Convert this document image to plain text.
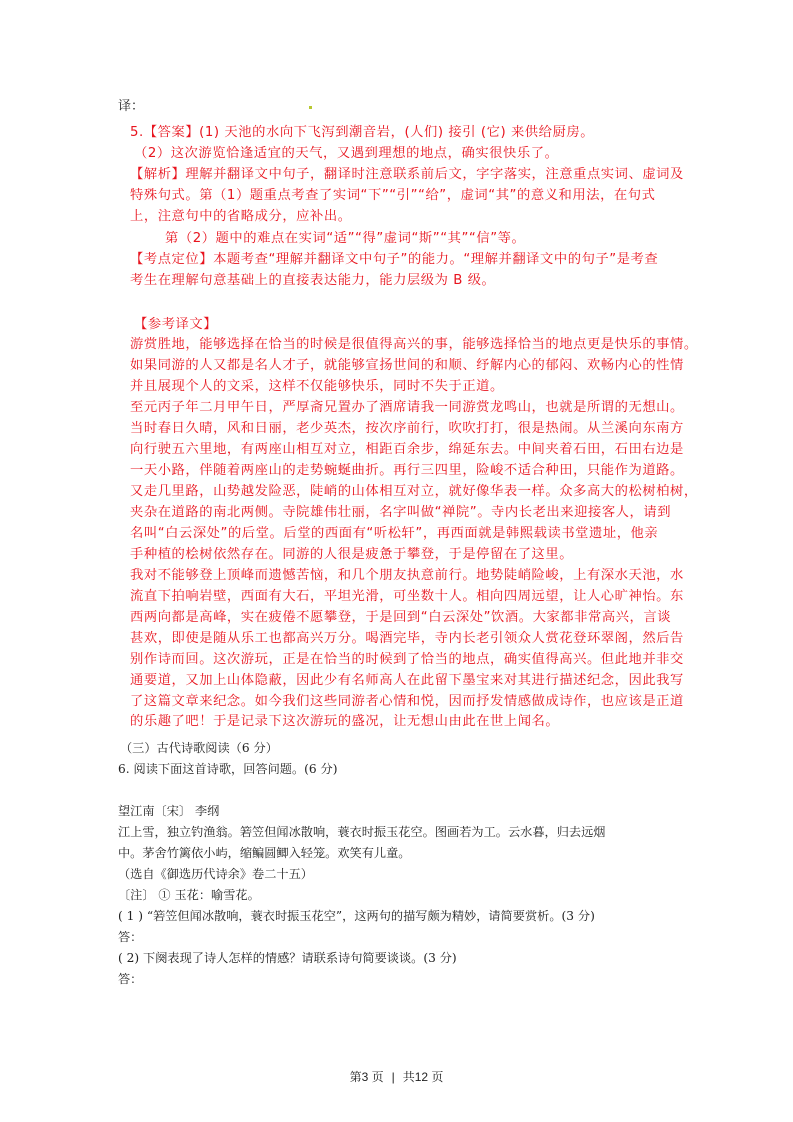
译：
5.【答案】(1) 天池的水向下飞泻到潮音岩，(人们) 接引 (它) 来供给厨房。
（2）这次游览恰逢适宜的天气，又遇到理想的地点，确实很快乐了。
【解析】理解并翻译文中句子，翻译时注意联系前后文，字字落实，注意重点实词、虚词及
特殊句式。第（1）题重点考查了实词“下”“引”“给”，虚词“其”的意义和用法，在句式
上，注意句中的省略成分，应补出。
第（2）题中的难点在实词“适”“得”虚词“斯”“其”“信”等。
【考点定位】本题考查“理解并翻译文中句子”的能力。“理解并翻译文中的句子”是考查
考生在理解句意基础上的直接表达能力，能力层级为 B 级。
【参考译文】
游赏胜地，能够选择在恰当的时候是很值得高兴的事，能够选择恰当的地点更是快乐的事情。
如果同游的人又都是名人才子，就能够宣扬世间的和顺、纾解内心的郁闷、欢畅内心的性情
并且展现个人的文采，这样不仅能够快乐，同时不失于正道。
至元丙子年二月甲午日，严厚斋兄置办了酒席请我一同游赏龙鸣山，也就是所谓的无想山。
当时春日久晴，风和日丽，老少英杰，按次序前行，吹吹打打，很是热闹。从兰溪向东南方
向行驶五六里地，有两座山相互对立，相距百余步，绵延东去。中间夹着石田，石田右边是
一天小路，伴随着两座山的走势蜿蜒曲折。再行三四里，险峻不适合种田，只能作为道路。
又走几里路，山势越发险恶，陡峭的山体相互对立，就好像华表一样。众多高大的松树柏树，
夹杂在道路的南北两侧。寺院雄伟壮丽，名字叫做“禅院”。寺内长老出来迎接客人，请到
名叫“白云深处”的后堂。后堂的西面有“听松轩”，再西面就是韩熙载读书堂遗址，他亲
手种植的桧树依然存在。同游的人很是疲惫于攀登，于是停留在了这里。
我对不能够登上顶峰而遗憾苦恼，和几个朋友执意前行。地势陡峭险峻，上有深水天池，水
流直下拍响岩壁，西面有大石，平坦光滑，可坐数十人。相向四周远望，让人心旷神怡。东
西两向都是高峰，实在疲倦不愿攀登，于是回到“白云深处”饮酒。大家都非常高兴，言谈
甚欢，即使是随从乐工也都高兴万分。喝酒完毕，寺内长老引领众人赏花登环翠阁，然后告
别作诗而回。这次游玩，正是在恰当的时候到了恰当的地点，确实值得高兴。但此地并非交
通要道，又加上山体隐蔽，因此少有名师高人在此留下墨宝来对其进行描述纪念，因此我写
了这篇文章来纪念。如今我们这些同游者心情和悦，因而抒发情感做成诗作，也应该是正道
的乐趣了吧！于是记录下这次游玩的盛况，让无想山由此在世上闻名。
（三）古代诗歌阅读（6 分）
6. 阅读下面这首诗歌，回答问题。(6 分)
望江南〔宋〕 李纲
江上雪，独立钓渔翁。箬笠但闻冰散响，蓑衣时振玉花空。图画若为工。云水暮，归去远烟
中。茅舍竹篱依小屿，缩鳊圆鲫入轻笼。欢笑有儿童。
（选自《御选历代诗余》卷二十五）
〔注〕 ① 玉花：喻雪花。
( 1 ) “箬笠但闻冰散响，蓑衣时振玉花空”，这两句的描写颇为精妙，请简要赏析。(3 分)
答：
( 2) 下阕表现了诗人怎样的情感？请联系诗句简要谈谈。(3 分)
答：
第3 页 | 共12 页
